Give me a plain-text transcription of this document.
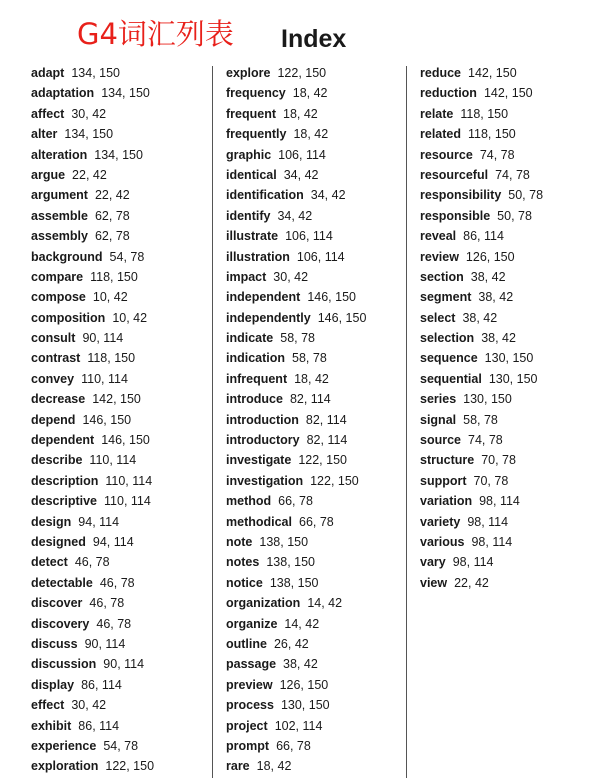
G4词汇列表 Index
adapt 134, 150
adaptation 134, 150
affect 30, 42
alter 134, 150
alteration 134, 150
argue 22, 42
argument 22, 42
assemble 62, 78
assembly 62, 78
background 54, 78
compare 118, 150
compose 10, 42
composition 10, 42
consult 90, 114
contrast 118, 150
convey 110, 114
decrease 142, 150
depend 146, 150
dependent 146, 150
describe 110, 114
description 110, 114
descriptive 110, 114
design 94, 114
designed 94, 114
detect 46, 78
detectable 46, 78
discover 46, 78
discovery 46, 78
discuss 90, 114
discussion 90, 114
display 86, 114
effect 30, 42
exhibit 86, 114
experience 54, 78
exploration 122, 150
explore 122, 150
frequency 18, 42
frequent 18, 42
frequently 18, 42
graphic 106, 114
identical 34, 42
identification 34, 42
identify 34, 42
illustrate 106, 114
illustration 106, 114
impact 30, 42
independent 146, 150
independently 146, 150
indicate 58, 78
indication 58, 78
infrequent 18, 42
introduce 82, 114
introduction 82, 114
introductory 82, 114
investigate 122, 150
investigation 122, 150
method 66, 78
methodical 66, 78
note 138, 150
notes 138, 150
notice 138, 150
organization 14, 42
organize 14, 42
outline 26, 42
passage 38, 42
preview 126, 150
process 130, 150
project 102, 114
prompt 66, 78
rare 18, 42
reduce 142, 150
reduction 142, 150
relate 118, 150
related 118, 150
resource 74, 78
resourceful 74, 78
responsibility 50, 78
responsible 50, 78
reveal 86, 114
review 126, 150
section 38, 42
segment 38, 42
select 38, 42
selection 38, 42
sequence 130, 150
sequential 130, 150
series 130, 150
signal 58, 78
source 74, 78
structure 70, 78
support 70, 78
variation 98, 114
variety 98, 114
various 98, 114
vary 98, 114
view 22, 42
